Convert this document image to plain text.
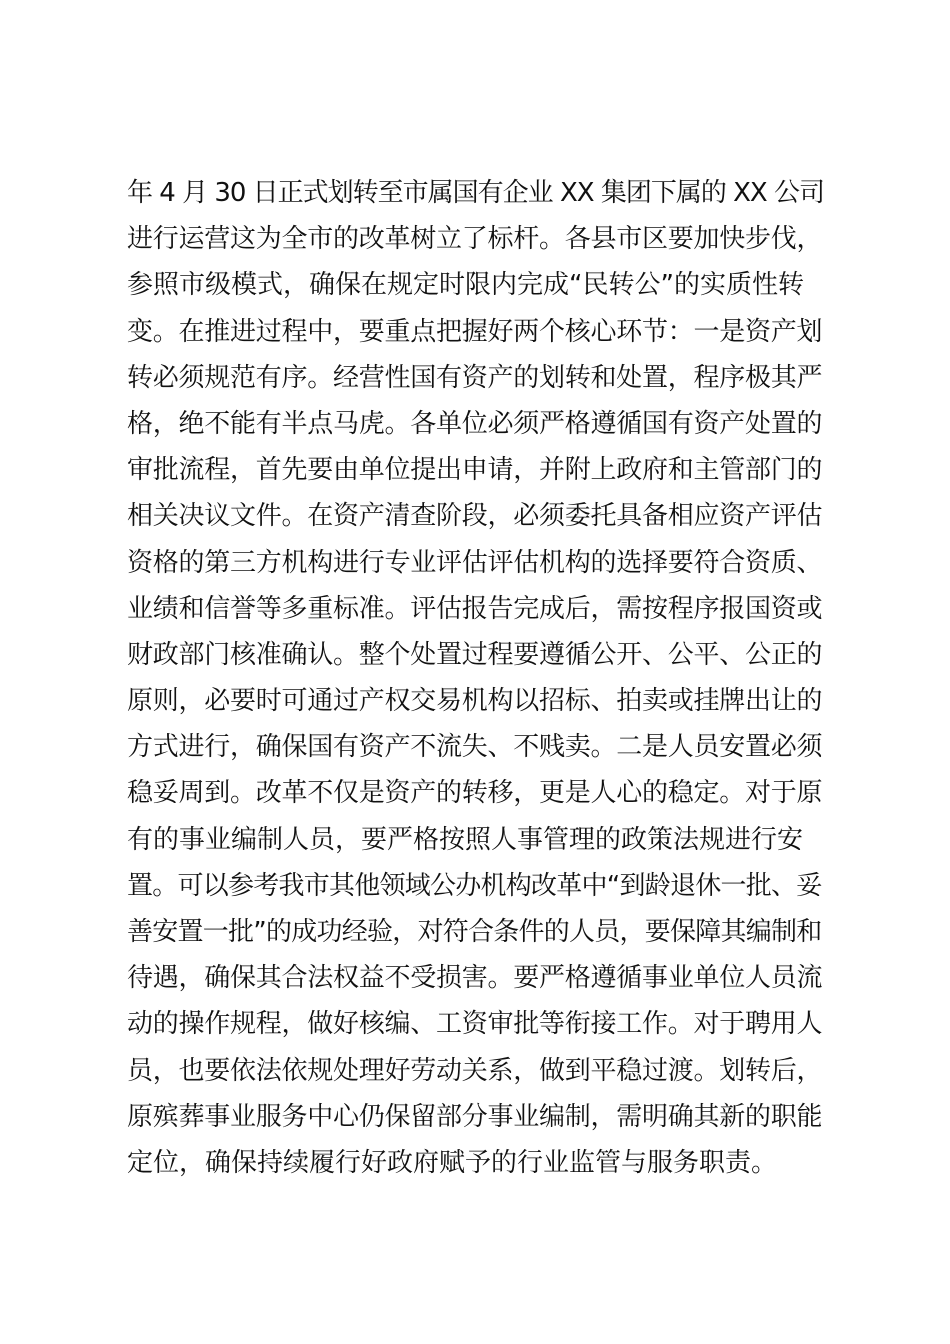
年 4 月 30 日正式划转至市属国有企业 XX 集团下属的 XX 公司
进行运营这为全市的改革树立了标杆。各县市区要加快步伐，
参照市级模式，确保在规定时限内完成“民转公”的实质性转
变。在推进过程中，要重点把握好两个核心环节：一是资产划
转必须规范有序。经营性国有资产的划转和处置，程序极其严
格，绝不能有半点马虎。各单位必须严格遵循国有资产处置的
审批流程，首先要由单位提出申请，并附上政府和主管部门的
相关决议文件。在资产清查阶段，必须委托具备相应资产评估
资格的第三方机构进行专业评估评估机构的选择要符合资质、
业绩和信誉等多重标准。评估报告完成后，需按程序报国资或
财政部门核准确认。整个处置过程要遵循公开、公平、公正的
原则，必要时可通过产权交易机构以招标、拍卖或挂牌出让的
方式进行，确保国有资产不流失、不贱卖。二是人员安置必须
稳妥周到。改革不仅是资产的转移，更是人心的稳定。对于原
有的事业编制人员，要严格按照人事管理的政策法规进行安
置。可以参考我市其他领域公办机构改革中“到龄退休一批、妥
善安置一批”的成功经验，对符合条件的人员，要保障其编制和
待遇，确保其合法权益不受损害。要严格遵循事业单位人员流
动的操作规程，做好核编、工资审批等衔接工作。对于聘用人
员，也要依法依规处理好劳动关系，做到平稳过渡。划转后，
原殡葬事业服务中心仍保留部分事业编制，需明确其新的职能
定位，确保持续履行好政府赋予的行业监管与服务职责。
